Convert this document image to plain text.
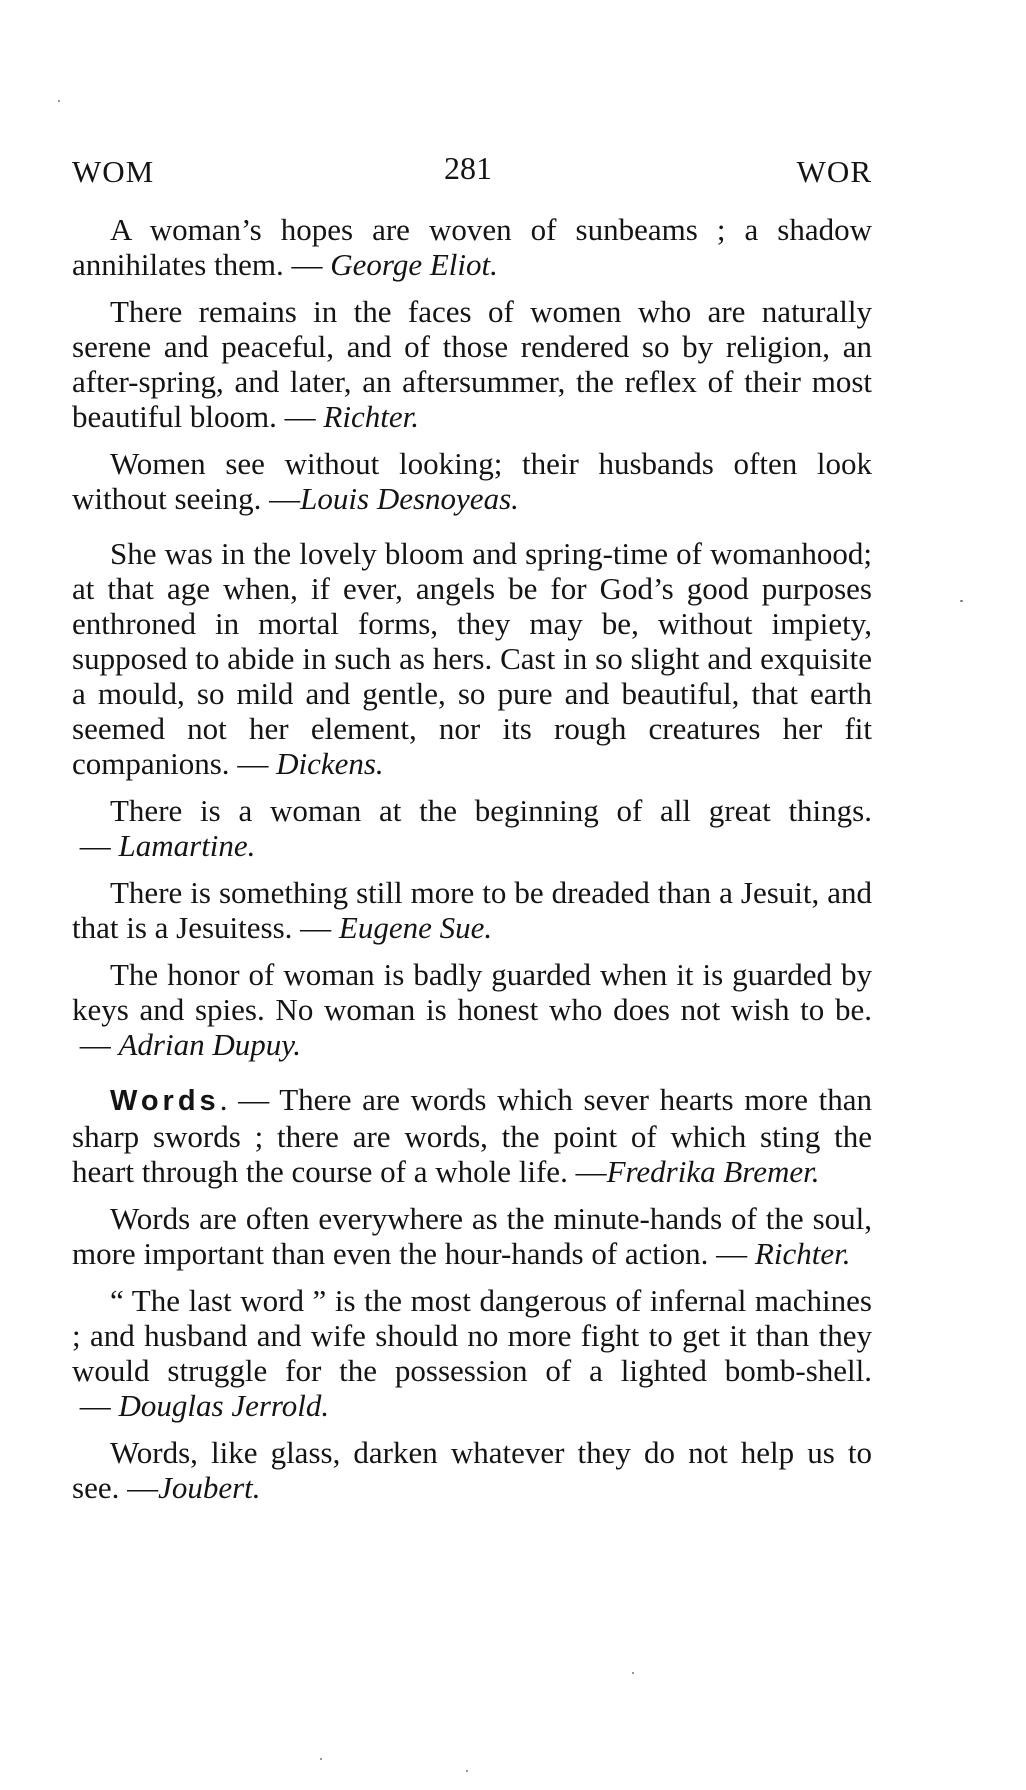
WOM	281	WOR

A woman’s hopes are woven of sunbeams ; a shadow annihilates them. — George Eliot.

There remains in the faces of women who are naturally serene and peaceful, and of those rendered so by religion, an after-spring, and later, an aftersummer, the reflex of their most beautiful bloom. — Richter.

Women see without looking; their husbands often look without seeing. —Louis Desnoyeas.

She was in the lovely bloom and spring-time of womanhood; at that age when, if ever, angels be for God’s good purposes enthroned in mortal forms, they may be, without impiety, supposed to abide in such as hers. Cast in so slight and exquisite a mould, so mild and gentle, so pure and beautiful, that earth seemed not her element, nor its rough creatures her fit companions. — Dickens.

There is a woman at the beginning of all great things. — Lamartine.

There is something still more to be dreaded than a Jesuit, and that is a Jesuitess. — Eugene Sue.

The honor of woman is badly guarded when it is guarded by keys and spies. No woman is honest who does not wish to be. — Adrian Dupuy.

Words. — There are words which sever hearts more than sharp swords ; there are words, the point of which sting the heart through the course of a whole life. —Fredrika Bremer.

Words are often everywhere as the minute-hands of the soul, more important than even the hour-hands of action. — Richter.

“ The last word ” is the most dangerous of infernal machines ; and husband and wife should no more fight to get it than they would struggle for the possession of a lighted bomb-shell. — Douglas Jerrold.

Words, like glass, darken whatever they do not help us to see. —Joubert.
